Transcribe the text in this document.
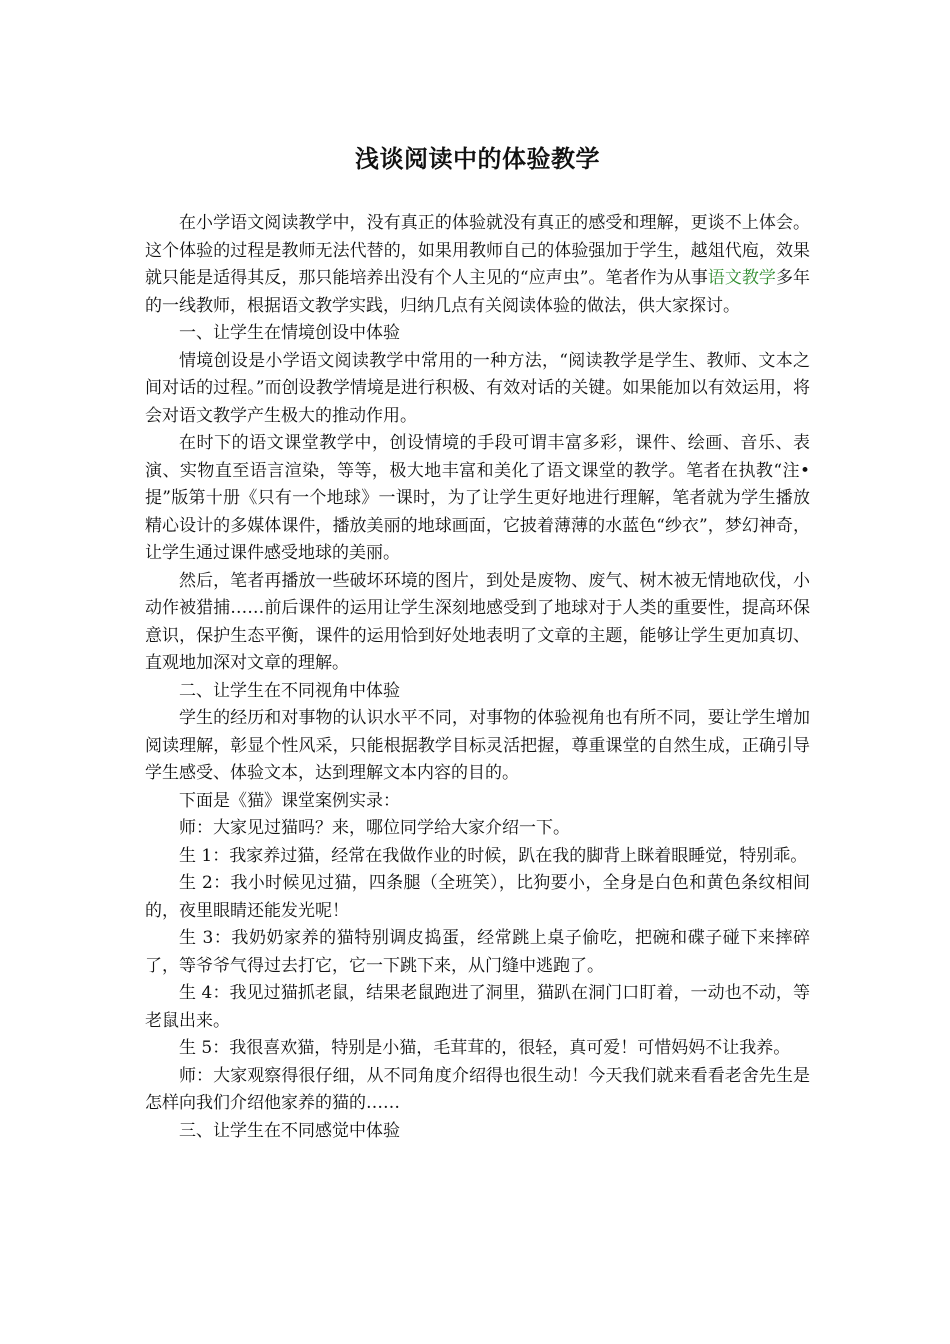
浅谈阅读中的体验教学

在小学语文阅读教学中，没有真正的体验就没有真正的感受和理解，更谈不上体会。这个体验的过程是教师无法代替的，如果用教师自己的体验强加于学生，越俎代庖，效果就只能是适得其反，那只能培养出没有个人主见的“应声虫”。笔者作为从事语文教学多年的一线教师，根据语文教学实践，归纳几点有关阅读体验的做法，供大家探讨。

一、让学生在情境创设中体验

情境创设是小学语文阅读教学中常用的一种方法，“阅读教学是学生、教师、文本之间对话的过程。”而创设教学情境是进行积极、有效对话的关键。如果能加以有效运用，将会对语文教学产生极大的推动作用。

在时下的语文课堂教学中，创设情境的手段可谓丰富多彩，课件、绘画、音乐、表演、实物直至语言渲染，等等，极大地丰富和美化了语文课堂的教学。笔者在执教“注•提”版第十册《只有一个地球》一课时，为了让学生更好地进行理解，笔者就为学生播放精心设计的多媒体课件，播放美丽的地球画面，它披着薄薄的水蓝色“纱衣”，梦幻神奇，让学生通过课件感受地球的美丽。

然后，笔者再播放一些破坏环境的图片，到处是废物、废气、树木被无情地砍伐，小动作被猎捕……前后课件的运用让学生深刻地感受到了地球对于人类的重要性，提高环保意识，保护生态平衡，课件的运用恰到好处地表明了文章的主题，能够让学生更加真切、直观地加深对文章的理解。

二、让学生在不同视角中体验

学生的经历和对事物的认识水平不同，对事物的体验视角也有所不同，要让学生增加阅读理解，彰显个性风采，只能根据教学目标灵活把握，尊重课堂的自然生成，正确引导学生感受、体验文本，达到理解文本内容的目的。

下面是《猫》课堂案例实录：

师：大家见过猫吗？来，哪位同学给大家介绍一下。

生 1：我家养过猫，经常在我做作业的时候，趴在我的脚背上眯着眼睡觉，特别乖。

生 2：我小时候见过猫，四条腿（全班笑），比狗要小，全身是白色和黄色条纹相间的，夜里眼睛还能发光呢！

生 3：我奶奶家养的猫特别调皮捣蛋，经常跳上桌子偷吃，把碗和碟子碰下来摔碎了，等爷爷气得过去打它，它一下跳下来，从门缝中逃跑了。

生 4：我见过猫抓老鼠，结果老鼠跑进了洞里，猫趴在洞门口盯着，一动也不动，等老鼠出来。

生 5：我很喜欢猫，特别是小猫，毛茸茸的，很轻，真可爱！可惜妈妈不让我养。

师：大家观察得很仔细，从不同角度介绍得也很生动！今天我们就来看看老舍先生是怎样向我们介绍他家养的猫的……

三、让学生在不同感觉中体验
